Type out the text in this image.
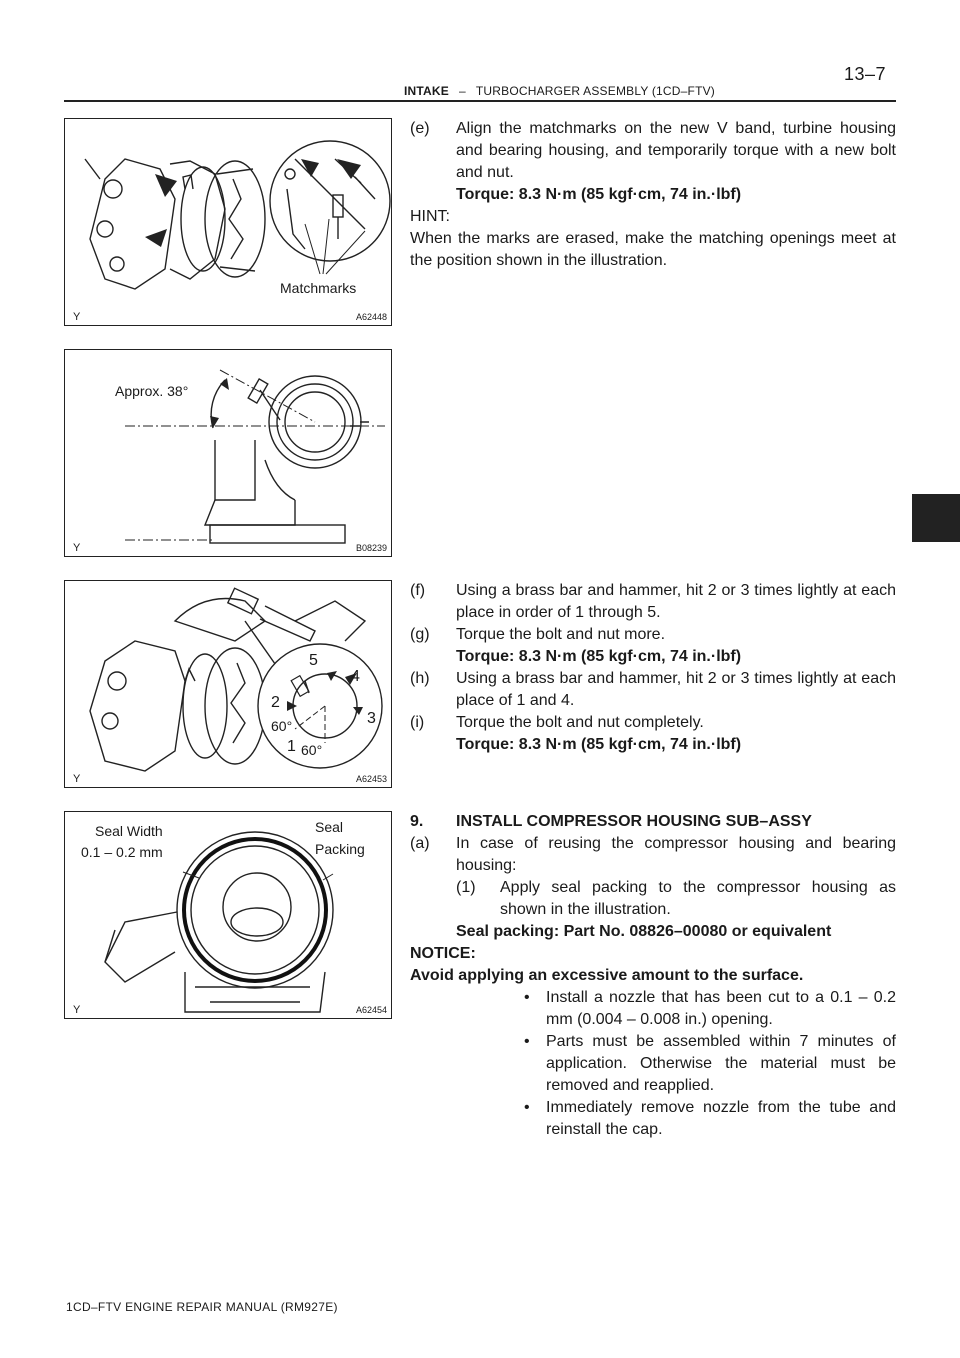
INTAKE – TURBOCHARGER ASSEMBLY (1CD–FTV)
13–7
Matchmarks
Y	A62448
Approx. 38°
Y	B08239
5
4
2
3
60°
1 60°
Y	A62453
Seal Width
0.1 – 0.2 mm
Seal
Packing
Y	A62454
(e) Align the matchmarks on the new V band, turbine housing and bearing housing, and temporarily torque with a new bolt and nut.
Torque: 8.3 N·m (85 kgf·cm, 74 in.·lbf)
HINT:
When the marks are erased, make the matching openings meet at the position shown in the illustration.
(f) Using a brass bar and hammer, hit 2 or 3 times lightly at each place in order of 1 through 5.
(g) Torque the bolt and nut more.
Torque: 8.3 N·m (85 kgf·cm, 74 in.·lbf)
(h) Using a brass bar and hammer, hit 2 or 3 times lightly at each place of 1 and 4.
(i) Torque the bolt and nut completely.
Torque: 8.3 N·m (85 kgf·cm, 74 in.·lbf)
9. INSTALL COMPRESSOR HOUSING SUB–ASSY
(a) In case of reusing the compressor housing and bearing housing:
(1) Apply seal packing to the compressor housing as shown in the illustration.
Seal packing: Part No. 08826–00080 or equivalent
NOTICE:
Avoid applying an excessive amount to the surface.
• Install a nozzle that has been cut to a 0.1 – 0.2 mm (0.004 – 0.008 in.) opening.
• Parts must be assembled within 7 minutes of application. Otherwise the material must be removed and reapplied.
• Immediately remove nozzle from the tube and reinstall the cap.
1CD–FTV ENGINE REPAIR MANUAL (RM927E)
